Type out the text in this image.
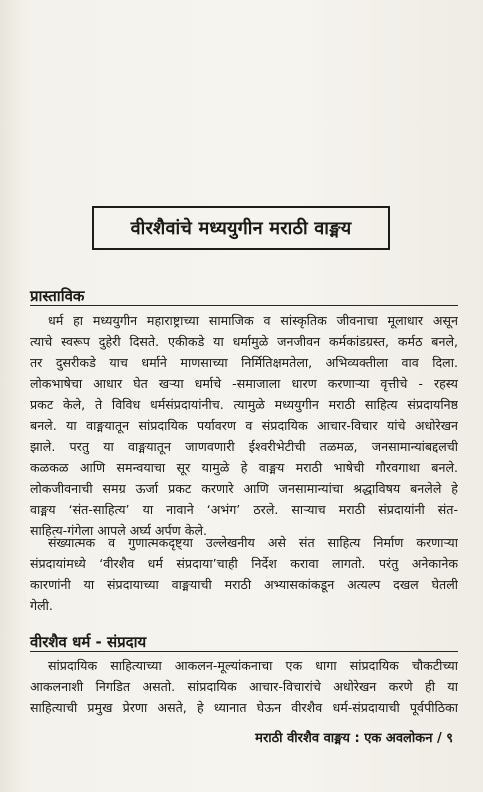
वीरशैवांचे मध्ययुगीन मराठी वाङ्मय
प्रास्ताविक
धर्म हा मध्ययुगीन महाराष्ट्राच्या सामाजिक व सांस्कृतिक जीवनाचा मूलाधार असून
त्याचे स्वरूप दुहेरी दिसते. एकीकडे या धर्मामुळे जनजीवन कर्मकांडग्रस्त, कर्मठ बनले,
तर दुसरीकडे याच धर्माने माणसाच्या निर्मितिक्षमतेला, अभिव्यक्तीला वाव दिला.
लोकभाषेचा आधार घेत खऱ्या धर्माचे -समाजाला धारण करणाऱ्या वृत्तीचे - रहस्य
प्रकट केले, ते विविध धर्मसंप्रदायांनीच. त्यामुळे मध्ययुगीन मराठी साहित्य संप्रदायनिष्ठ
बनले. या वाङ्मयातून सांप्रदायिक पर्यावरण व संप्रदायिक आचार-विचार यांचे अधोरेखन
झाले. परतु या वाङ्मयातून जाणवणारी ईश्वरीभेटीची तळमळ, जनसामान्यांबद्दलची
कळकळ आणि समन्वयाचा सूर यामुळे हे वाङ्मय मराठी भाषेची गौरवगाथा बनले.
लोकजीवनाची समग्र ऊर्जा प्रकट करणारे आणि जनसामान्यांचा श्रद्धाविषय बनलेले हे
वाङ्मय ‘संत-साहित्य’ या नावाने ‘अभंग’ ठरले. साऱ्याच मराठी संप्रदायांनी संत-
साहित्य-गंगेला आपले अर्घ्य अर्पण केले.
संख्यात्मक व गुणात्मकदृष्ट्या उल्लेखनीय असे संत साहित्य निर्माण करणाऱ्या
संप्रदायांमध्ये ‘वीरशैव धर्म संप्रदाया’चाही निर्देश करावा लागतो. परंतु अनेकानेक
कारणांनी या संप्रदायाच्या वाङ्मयाची मराठी अभ्यासकांकडून अत्यल्प दखल घेतली
गेली.
वीरशैव धर्म - संप्रदाय
सांप्रदायिक साहित्याच्या आकलन-मूल्यांकनाचा एक धागा सांप्रदायिक चौकटीच्या
आकलनाशी निगडित असतो. सांप्रदायिक आचार-विचारांचे अधोरेखन करणे ही या
साहित्याची प्रमुख प्रेरणा असते, हे ध्यानात घेऊन वीरशैव धर्म-संप्रदायाची पूर्वपीठिका
मराठी वीरशैव वाङ्मय : एक अवलोकन / ९
